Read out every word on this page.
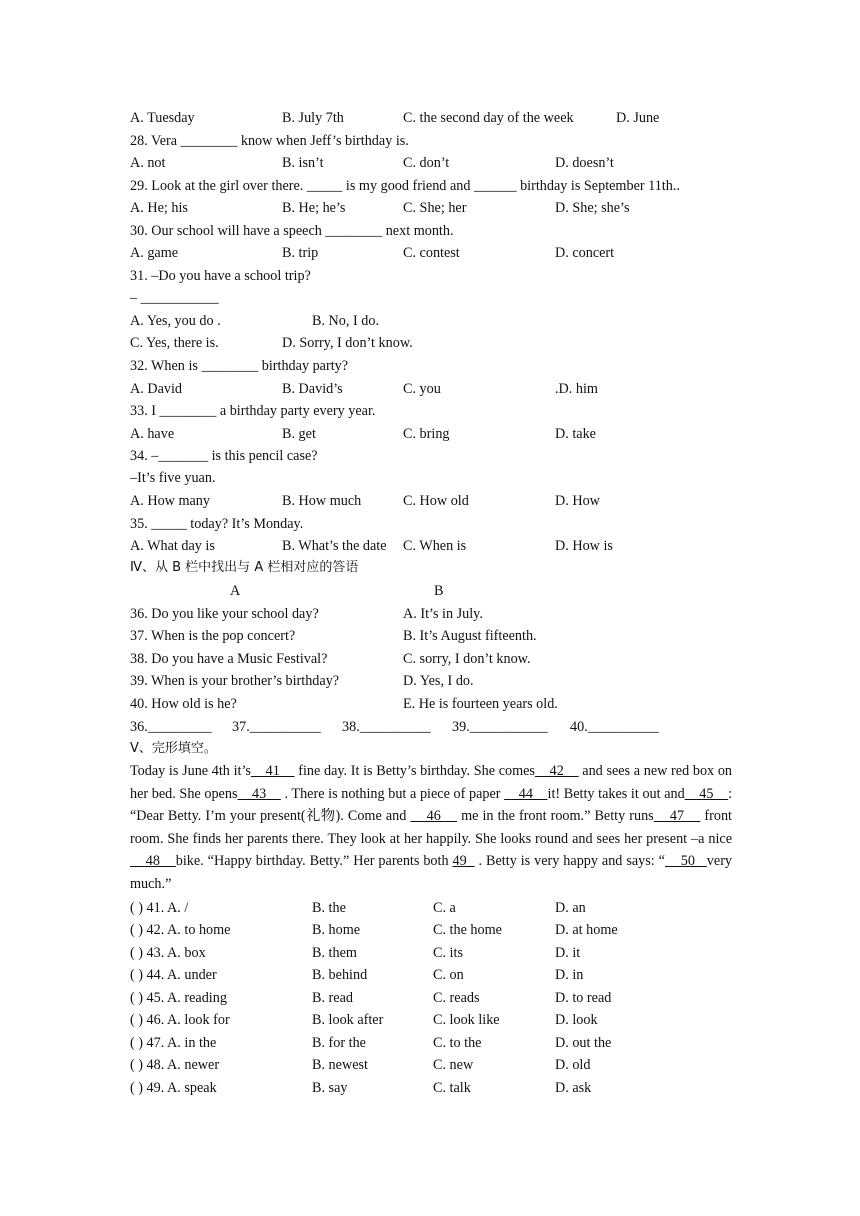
A. Tuesday	B. July 7th	C. the second day of the week	D. June
28. Vera ________ know when Jeff’s birthday is.
A. not	B. isn’t	C. don’t	D. doesn’t
29. Look at the girl over there. _____ is my good friend and ______ birthday is September 11th..
A. He; his	B. He; he’s	C. She; her	D. She; she’s
30. Our school will have a speech ________ next month.
A. game	B. trip	C. contest	D. concert
31. –Do you have a school trip?
– ___________
A. Yes, you do .	B. No, I do.
C. Yes, there is.	D. Sorry, I don’t know.
32. When is ________ birthday party?
A. David	B. David’s	C. you	.D. him
33. I ________ a birthday party every year.
A. have	B. get	C. bring	D. take
34. –_______ is this pencil case?
–It’s five yuan.
A. How many	B. How much	C. How old	D. How
35. _____ today? It’s Monday.
A. What day is	B. What’s the date C. When is	D. How is
Ⅳ、从 B 栏中找出与 A 栏相对应的答语
A	B
36. Do you like your school day?	A. It’s in July.
37. When is the pop concert?	B. It’s August fifteenth.
38. Do you have a Music Festival?	C. sorry, I don’t know.
39. When is your brother’s birthday?	D. Yes, I do.
40. How old is he?	E. He is fourteen years old.
36._________ 37.__________ 38.__________ 39.___________ 40.__________
Ⅴ、完形填空。
Today is June 4th it’s    41     fine day. It is Betty’s birthday. She comes    42     and sees a new red box on her bed. She opens    43     . There is nothing but a piece of paper     44    it! Betty takes it out and    45    : “Dear Betty. I’m your present(礼物). Come and     46     me in the front room.” Betty runs    47     front room. She finds her parents there. They look at her happily. She looks round and sees her present –a nice     48    bike. “Happy birthday. Betty.” Her parents both 49   . Betty is very happy and says: “    50   very much.”
( ) 41. A. /	B. the	C. a	D. an
( ) 42. A. to home	B. home	C. the home	D. at home
( ) 43. A. box	B. them	C. its	D. it
( ) 44. A. under	B. behind	C. on	D. in
( ) 45. A. reading	B. read	C. reads	D. to read
( ) 46. A. look for	B. look after	C. look like	D. look
( ) 47. A. in the	B. for the	C. to the	D. out the
( ) 48. A. newer	B. newest	C. new	D. old
( ) 49. A. speak	B. say	C. talk	D. ask
